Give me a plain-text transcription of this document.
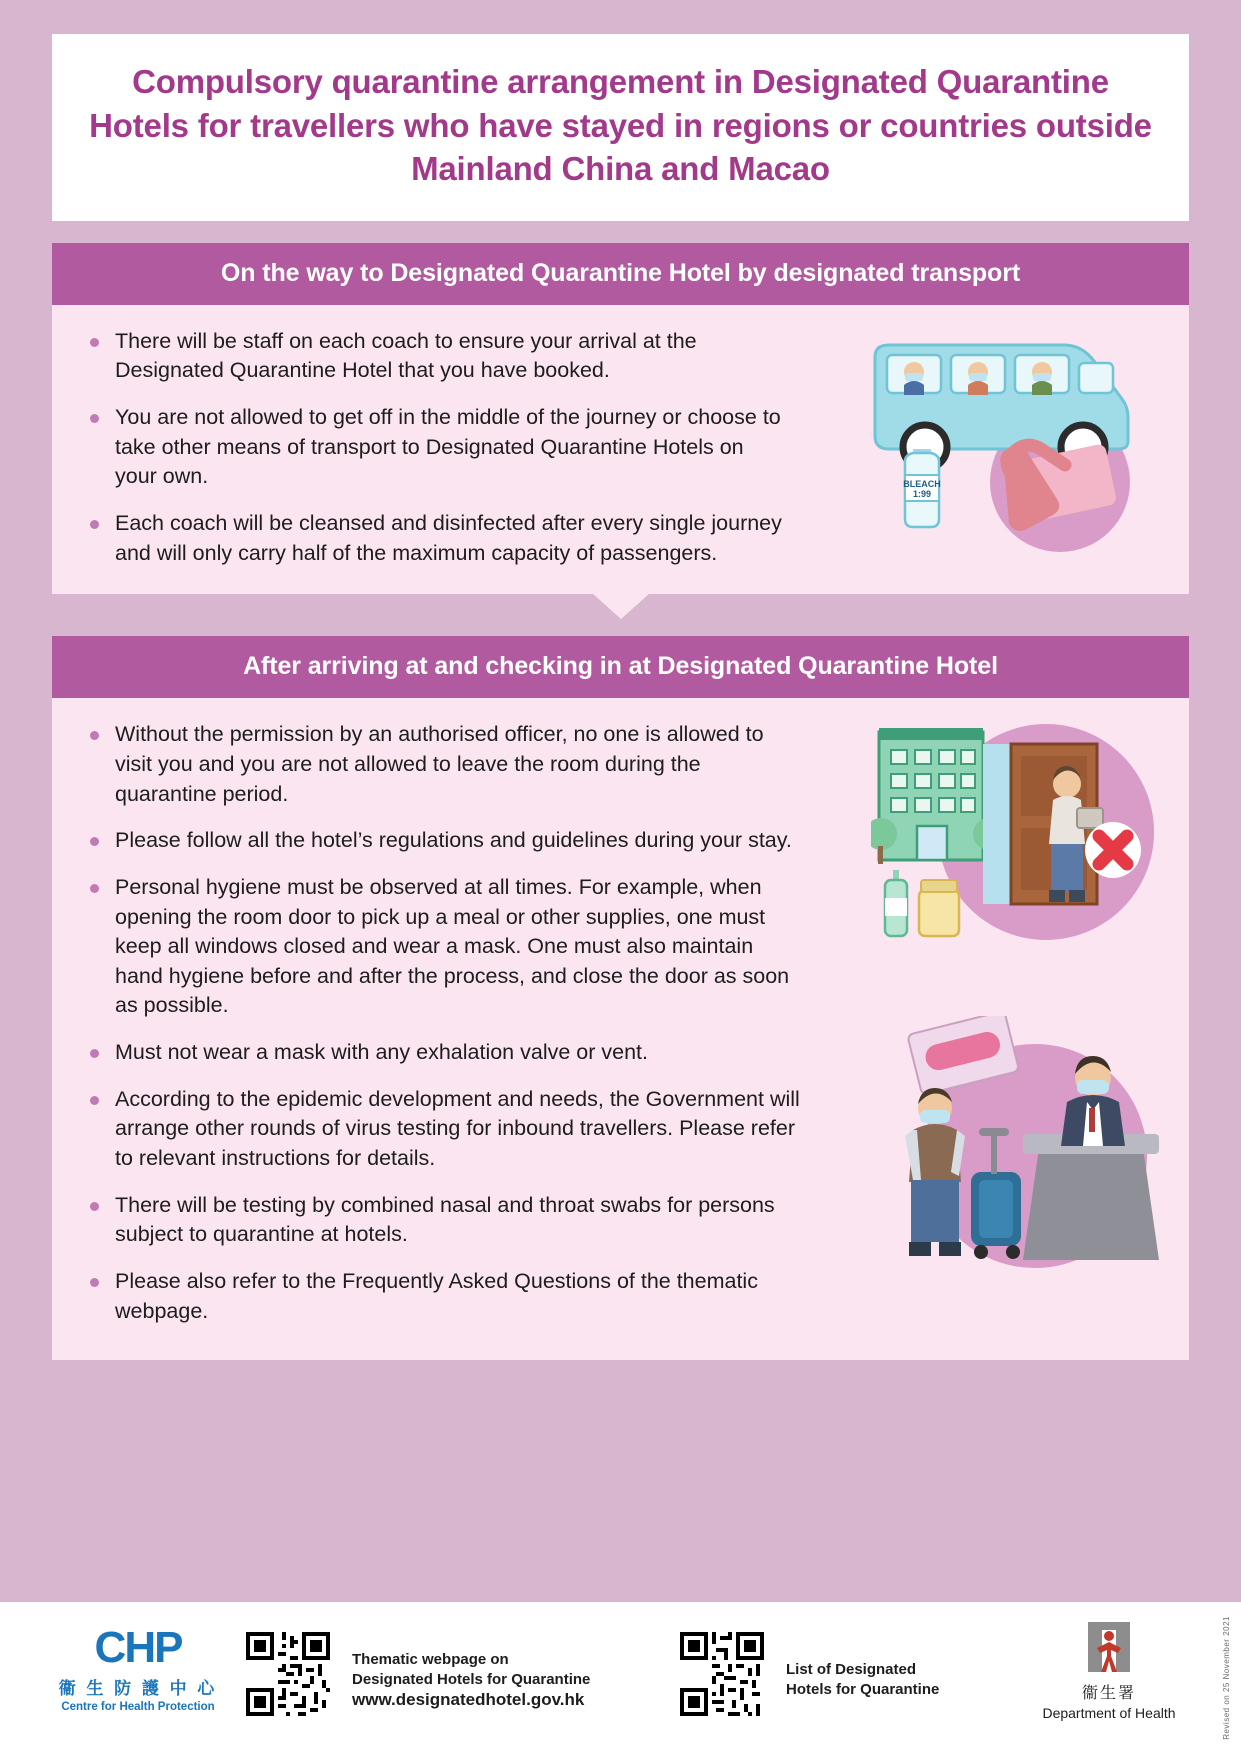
Compulsory quarantine arrangement in Designated Quarantine Hotels for travellers who have stayed in regions or countries outside Mainland China and Macao
On the way to Designated Quarantine Hotel by designated transport
There will be staff on each coach to ensure your arrival at the Designated Quarantine Hotel that you have booked.
You are not allowed to get off in the middle of the journey or choose to take other means of transport to Designated Quarantine Hotels on your own.
Each coach will be cleansed and disinfected after every single journey and will only carry half of the maximum capacity of passengers.
BLEACH
1:99
After arriving at and checking in at Designated Quarantine Hotel
Without the permission by an authorised officer, no one is allowed to visit you and you are not allowed to leave the room during the quarantine period.
Please follow all the hotel’s regulations and guidelines during your stay.
Personal hygiene must be observed at all times. For example, when opening the room door to pick up a meal or other supplies, one must keep all windows closed and wear a mask. One must also maintain hand hygiene before and after the process, and close the door as soon as possible.
Must not wear a mask with any exhalation valve or vent.
According to the epidemic development and needs, the Government will arrange other rounds of virus testing for inbound travellers. Please refer to relevant instructions for details.
There will be testing by combined nasal and throat swabs for persons subject to quarantine at hotels.
Please also refer to the Frequently Asked Questions of the thematic webpage.
CHP
衞 生 防 護 中 心
Centre for Health Protection
Thematic webpage on
Designated Hotels for Quarantine
www.designatedhotel.gov.hk
List of Designated
Hotels for Quarantine	衞生署
Department of Health	Revised on 25 November 2021
